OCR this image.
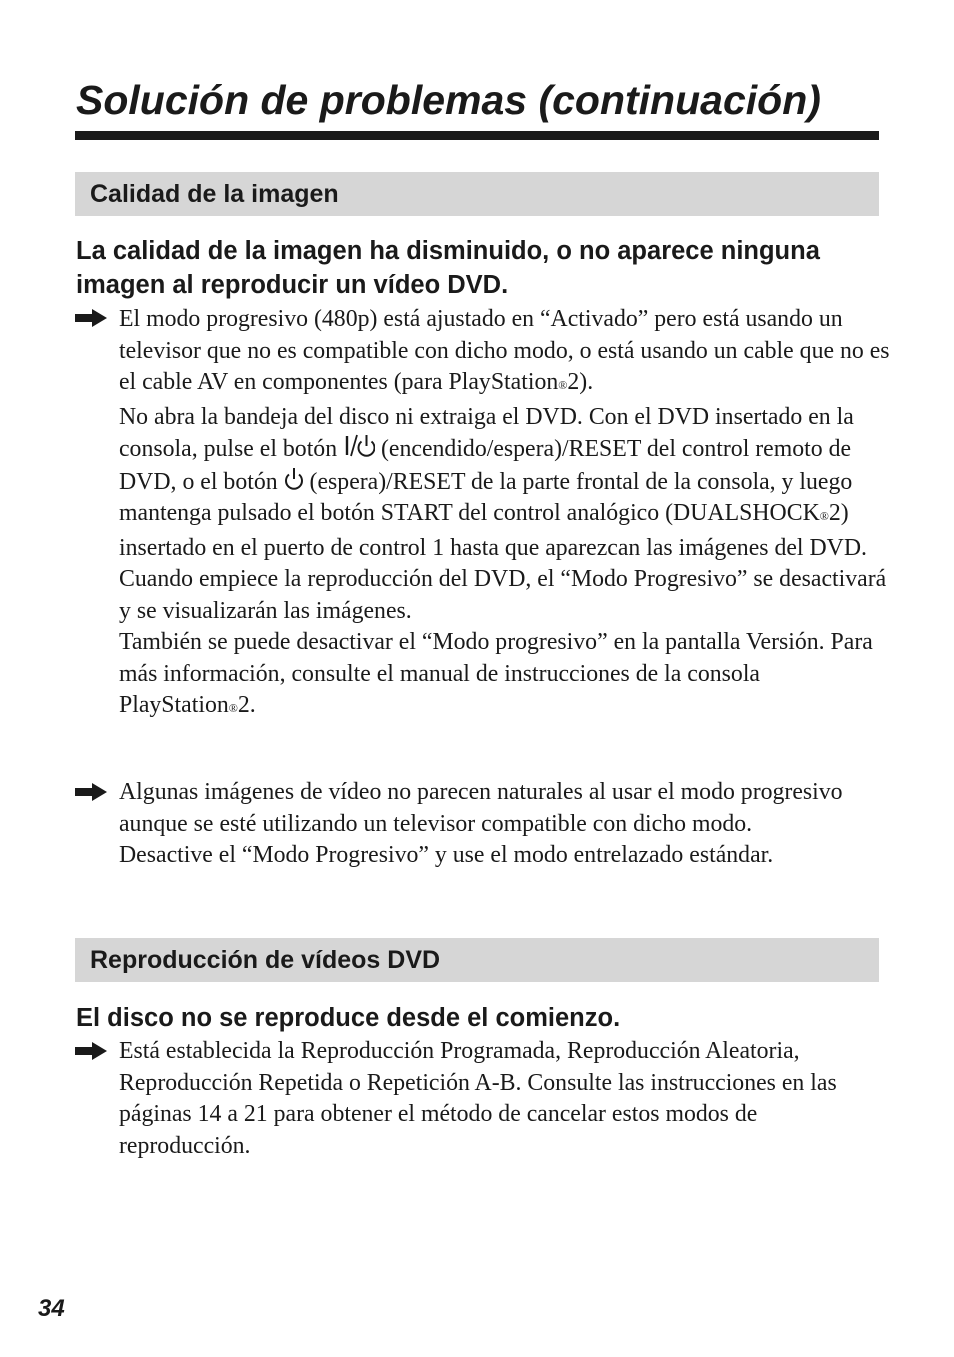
Solución de problemas (continuación)
Calidad de la imagen
La calidad de la imagen ha disminuido, o no aparece ninguna imagen al reproducir un vídeo DVD.

El modo progresivo (480p) está ajustado en “Activado” pero está usando un televisor que no es compatible con dicho modo, o está usando un cable que no es el cable AV en componentes (para PlayStation®2).

No abra la bandeja del disco ni extraiga el DVD. Con el DVD insertado en la consola, pulse el botón  (encendido/espera)/RESET del control remoto de DVD, o el botón  (espera)/RESET de la parte frontal de la consola, y luego mantenga pulsado el botón START del control analógico (DUALSHOCK®2) insertado en el puerto de control 1 hasta que aparezcan las imágenes del DVD. Cuando empiece la reproducción del DVD, el “Modo Progresivo” se desactivará y se visualizarán las imágenes.

También se puede desactivar el “Modo progresivo” en la pantalla Versión. Para más información, consulte el manual de instrucciones de la consola PlayStation®2.

Algunas imágenes de vídeo no parecen naturales al usar el modo progresivo aunque se esté utilizando un televisor compatible con dicho modo.

Desactive el “Modo Progresivo” y use el modo entrelazado estándar.

Reproducción de vídeos DVD
El disco no se reproduce desde el comienzo.

Está establecida la Reproducción Programada, Reproducción Aleatoria, Reproducción Repetida o Repetición A-B. Consulte las instrucciones en las páginas 14 a 21 para obtener el método de cancelar estos modos de reproducción.

34
